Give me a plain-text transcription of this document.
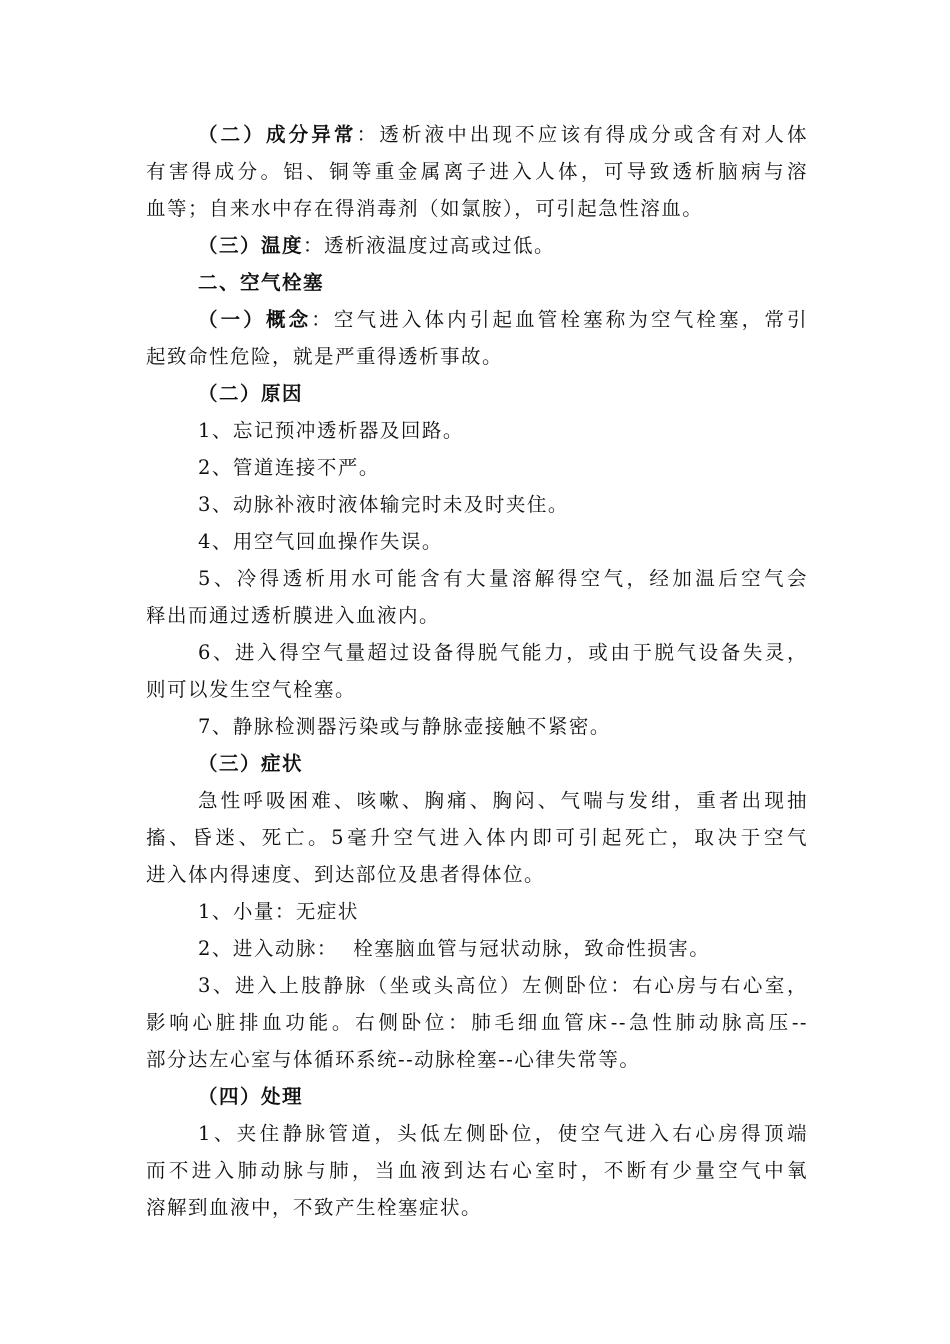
（二）成分异常：透析液中出现不应该有得成分或含有对人体
有害得成分。铝、铜等重金属离子进入人体，可导致透析脑病与溶
血等；自来水中存在得消毒剂（如氯胺），可引起急性溶血。
（三）温度：透析液温度过高或过低。
二、空气栓塞
（一）概念：空气进入体内引起血管栓塞称为空气栓塞，常引
起致命性危险，就是严重得透析事故。
（二）原因
1、忘记预冲透析器及回路。
2、管道连接不严。
3、动脉补液时液体输完时未及时夹住。
4、用空气回血操作失误。
5、冷得透析用水可能含有大量溶解得空气，经加温后空气会
释出而通过透析膜进入血液内。
6、进入得空气量超过设备得脱气能力，或由于脱气设备失灵，
则可以发生空气栓塞。
7、静脉检测器污染或与静脉壶接触不紧密。
（三）症状
急性呼吸困难、咳嗽、胸痛、胸闷、气喘与发绀，重者出现抽
搐、昏迷、死亡。5毫升空气进入体内即可引起死亡，取决于空气
进入体内得速度、到达部位及患者得体位。
1、小量：无症状
2、进入动脉：  栓塞脑血管与冠状动脉，致命性损害。
3、进入上肢静脉（坐或头高位）左侧卧位：右心房与右心室，
影响心脏排血功能。右侧卧位：肺毛细血管床--急性肺动脉高压--
部分达左心室与体循环系统--动脉栓塞--心律失常等。
（四）处理
1、夹住静脉管道，头低左侧卧位，使空气进入右心房得顶端
而不进入肺动脉与肺，当血液到达右心室时，不断有少量空气中氧
溶解到血液中，不致产生栓塞症状。
